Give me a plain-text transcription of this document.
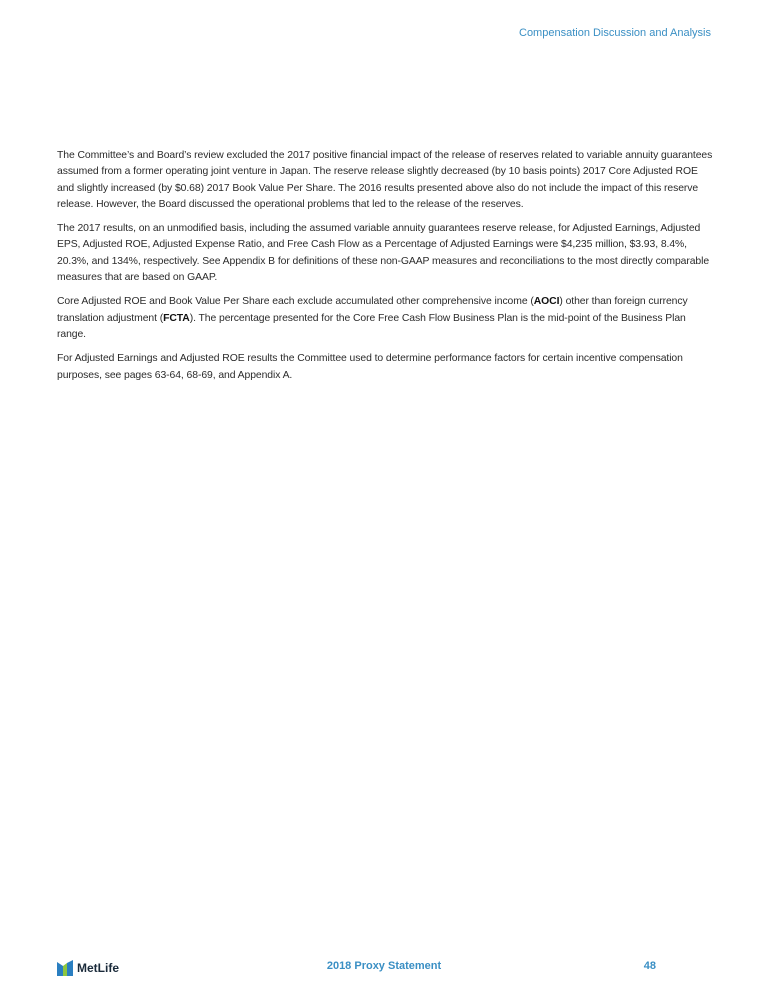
Compensation Discussion and Analysis

The Committee’s and Board’s review excluded the 2017 positive financial impact of the release of reserves related to variable annuity guarantees assumed from a former operating joint venture in Japan. The reserve release slightly decreased (by 10 basis points) 2017 Core Adjusted ROE and slightly increased (by $0.68) 2017 Book Value Per Share. The 2016 results presented above also do not include the impact of this reserve release. However, the Board discussed the operational problems that led to the release of the reserves.

The 2017 results, on an unmodified basis, including the assumed variable annuity guarantees reserve release, for Adjusted Earnings, Adjusted EPS, Adjusted ROE, Adjusted Expense Ratio, and Free Cash Flow as a Percentage of Adjusted Earnings were $4,235 million, $3.93, 8.4%, 20.3%, and 134%, respectively. See Appendix B for definitions of these non-GAAP measures and reconciliations to the most directly comparable measures that are based on GAAP.

Core Adjusted ROE and Book Value Per Share each exclude accumulated other comprehensive income (AOCI) other than foreign currency translation adjustment (FCTA). The percentage presented for the Core Free Cash Flow Business Plan is the mid-point of the Business Plan range.

For Adjusted Earnings and Adjusted ROE results the Committee used to determine performance factors for certain incentive compensation purposes, see pages 63-64, 68-69, and Appendix A.

MetLife	2018 Proxy Statement	48
